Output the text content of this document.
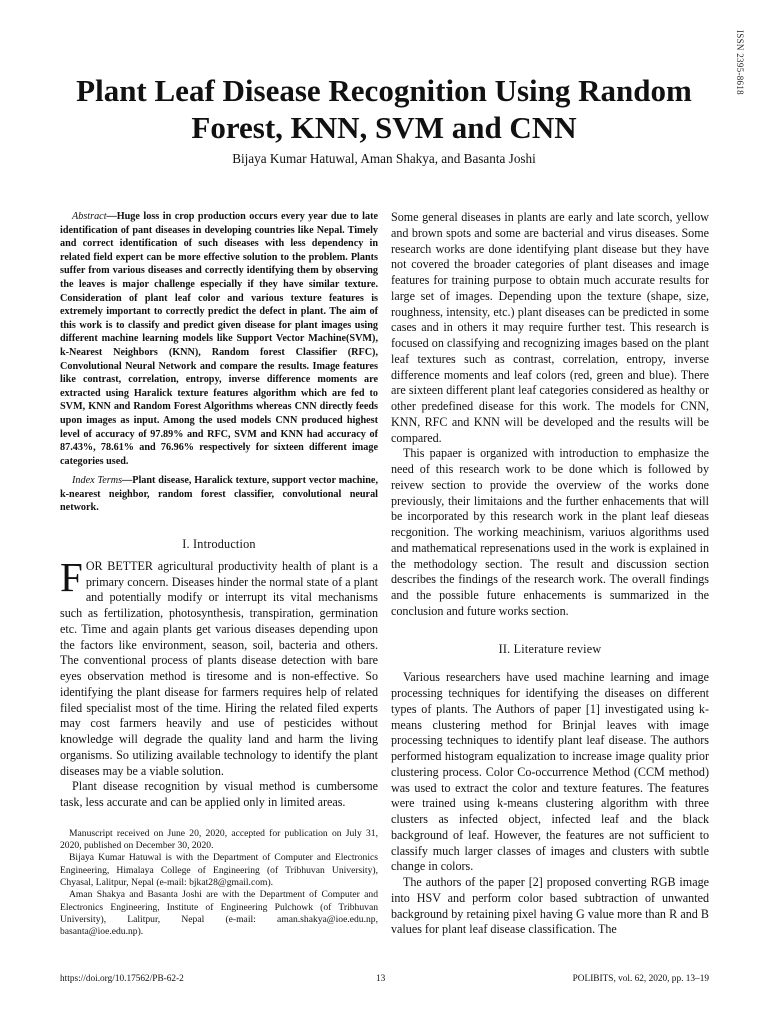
ISSN 2395-8618
Plant Leaf Disease Recognition Using Random Forest, KNN, SVM and CNN
Bijaya Kumar Hatuwal, Aman Shakya, and Basanta Joshi

Abstract—Huge loss in crop production occurs every year due to late identification of pant diseases in developing countries like Nepal. Timely and correct identification of such diseases with less dependency in related field expert can be more effective solution to the problem. Plants suffer from various diseases and correctly identifying them by observing the leaves is major challenge especially if they have similar texture. Consideration of plant leaf color and various texture features is extremely important to correctly predict the defect in plant. The aim of this work is to classify and predict given disease for plant images using different machine learning models like Support Vector Machine(SVM), k-Nearest Neighbors (KNN), Random forest Classifier (RFC), Convolutional Neural Network and compare the results. Image features like contrast, correlation, entropy, inverse difference moments are extracted using Haralick texture features algorithm which are fed to SVM, KNN and Random Forest Algorithms whereas CNN directly feeds upon images as input. Among the used models CNN produced highest level of accuracy of 97.89% and RFC, SVM and KNN had accuracy of 87.43%, 78.61% and 76.96% respectively for sixteen different image categories used.

Index Terms—Plant disease, Haralick texture, support vector machine, k-nearest neighbor, random forest classifier, convolutional neural network.

I. Introduction

FOR BETTER agricultural productivity health of plant is a primary concern. Diseases hinder the normal state of a plant and potentially modify or interrupt its vital mechanisms such as fertilization, photosynthesis, transpiration, germination etc. Time and again plants get various diseases depending upon the factors like environment, season, soil, bacteria and others. The conventional process of plants disease detection with bare eyes observation method is tiresome and is non-effective. So identifying the plant disease for farmers requires help of related filed specialist most of the time. Hiring the related filed experts may cost farmers heavily and use of pesticides without knowledge will degrade the quality land and harm the living organisms. So utilizing available technology to identify the plant diseases may be a viable solution.

Plant disease recognition by visual method is cumbersome task, less accurate and can be applied only in limited areas.

Manuscript received on June 20, 2020, accepted for publication on July 31, 2020, published on December 30, 2020.

Bijaya Kumar Hatuwal is with the Department of Computer and Electronics Engineering, Himalaya College of Engineering (of Tribhuvan University), Chyasal, Lalitpur, Nepal (e-mail: bjkat28@gmail.com).

Aman Shakya and Basanta Joshi are with the Department of Computer and Electronics Engineering, Institute of Engineering Pulchowk (of Tribhuvan University), Lalitpur, Nepal (e-mail: aman.shakya@ioe.edu.np, basanta@ioe.edu.np).

Some general diseases in plants are early and late scorch, yellow and brown spots and some are bacterial and virus diseases. Some research works are done identifying plant disease but they have not covered the broader categories of plant diseases and image features for training purpose to obtain much accurate results for large set of images. Depending upon the texture (shape, size, roughness, intensity, etc.) plant diseases can be predicted in some cases and in others it may require further test. This research is focused on classifying and recognizing images based on the plant leaf textures such as contrast, correlation, entropy, inverse difference moments and leaf colors (red, green and blue). There are sixteen different plant leaf categories considered as healthy or other predefined disease for this work. The models for CNN, KNN, RFC and KNN will be developed and the results will be compared.

This papaer is organized with introduction to emphasize the need of this research work to be done which is followed by reivew section to provide the overview of the works done previously, their limitaions and the further enhacements that will be incorporated by this research work in the plant leaf dieseas recgonition. The working meachinism, variuos algorithms used and mathematical represenations used in the work is explained in the methodology section. The result and discussion section describes the findings of the research work. The overall findings and the possible future enhacements is summarized in the conclusion and future works section.

II. Literature review

Various researchers have used machine learning and image processing techniques for identifying the diseases on different types of plants. The Authors of paper [1] investigated using k-means clustering method for Brinjal leaves with image processing techniques to identify plant leaf disease. The authors performed histogram equalization to increase image quality prior clustering process. Color Co-occurrence Method (CCM method) was used to extract the color and texture features. The features were trained using k-means clustering algorithm with three clusters as infected object, infected leaf and the black background of leaf. However, the features are not sufficient to classify much larger classes of images and clusters with subtle change in colors.

The authors of the paper [2] proposed converting RGB image into HSV and perform color based subtraction of unwanted background by retaining pixel having G value more than R and B values for plant leaf disease classification. The

https://doi.org/10.17562/PB-62-2	13	POLIBITS, vol. 62, 2020, pp. 13–19
